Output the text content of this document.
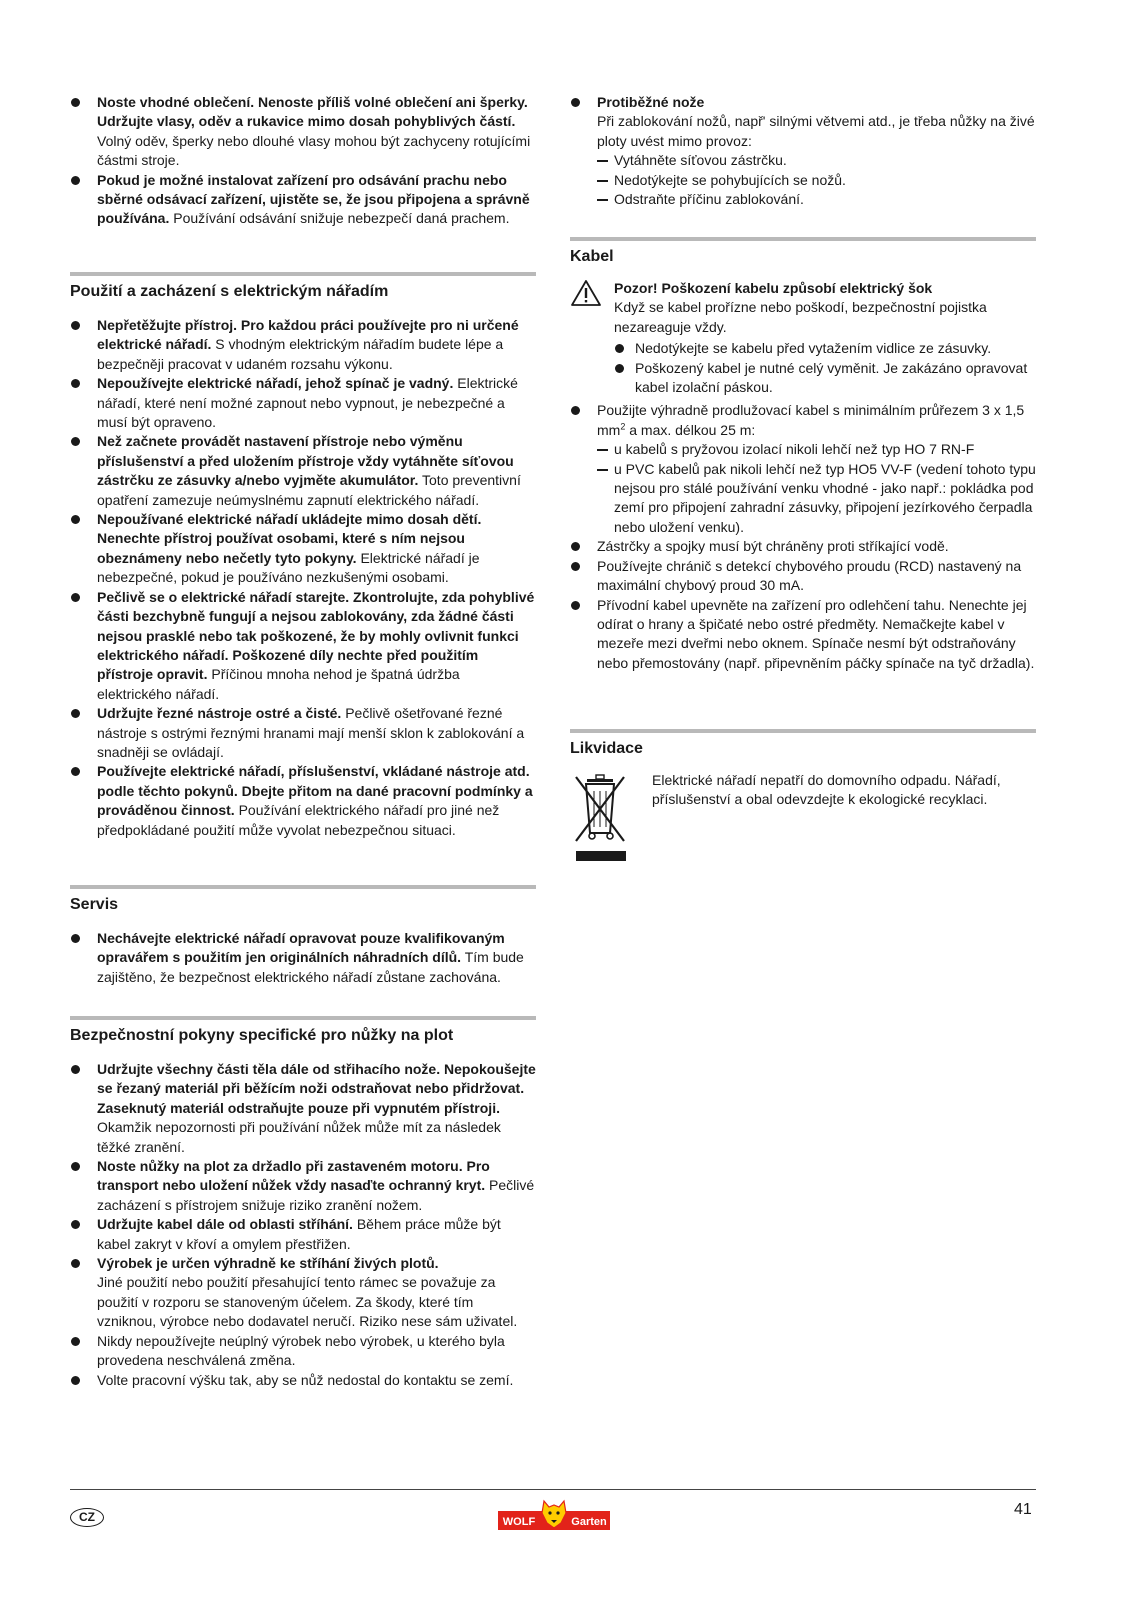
Noste vhodné oblečení. Nenoste příliš volné oblečení ani šperky. Udržujte vlasy, oděv a rukavice mimo dosah pohyblivých částí. Volný oděv, šperky nebo dlouhé vlasy mohou být zachyceny rotujícími částmi stroje.
Pokud je možné instalovat zařízení pro odsávání prachu nebo sběrné odsávací zařízení, ujistěte se, že jsou připojena a správně používána. Používání odsávání snižuje nebezpečí daná prachem.
Použití a zacházení s elektrickým nářadím
Nepřetěžujte přístroj. Pro každou práci používejte pro ni určené elektrické nářadí. S vhodným elektrickým nářadím budete lépe a bezpečněji pracovat v udaném rozsahu výkonu.
Nepoužívejte elektrické nářadí, jehož spínač je vadný. Elektrické nářadí, které není možné zapnout nebo vypnout, je nebezpečné a musí být opraveno.
Než začnete provádět nastavení přístroje nebo výměnu příslušenství a před uložením přístroje vždy vytáhněte síťovou zástrčku ze zásuvky a/nebo vyjměte akumulátor. Toto preventivní opatření zamezuje neúmyslnému zapnutí elektrického nářadí.
Nepoužívané elektrické nářadí ukládejte mimo dosah dětí. Nenechte přístroj používat osobami, které s ním nejsou obeznámeny nebo nečetly tyto pokyny. Elektrické nářadí je nebezpečné, pokud je používáno nezkušenými osobami.
Pečlivě se o elektrické nářadí starejte. Zkontrolujte, zda pohyblivé části bezchybně fungují a nejsou zablokovány, zda žádné části nejsou prasklé nebo tak poškozené, že by mohly ovlivnit funkci elektrického nářadí. Poškozené díly nechte před použitím přístroje opravit. Příčinou mnoha nehod je špatná údržba elektrického nářadí.
Udržujte řezné nástroje ostré a čisté. Pečlivě ošetřované řezné nástroje s ostrými řeznými hranami mají menší sklon k zablokování a snadněji se ovládají.
Používejte elektrické nářadí, příslušenství, vkládané nástroje atd. podle těchto pokynů. Dbejte přitom na dané pracovní podmínky a prováděnou činnost. Používání elektrického nářadí pro jiné než předpokládané použití může vyvolat nebezpečnou situaci.
Servis
Nechávejte elektrické nářadí opravovat pouze kvalifikovaným opravářem s použitím jen originálních náhradních dílů. Tím bude zajištěno, že bezpečnost elektrického nářadí zůstane zachována.
Bezpečnostní pokyny specifické pro nůžky na plot
Udržujte všechny části těla dále od střihacího nože. Nepokoušejte se řezaný materiál při běžícím noži odstraňovat nebo přidržovat. Zaseknutý materiál odstraňujte pouze při vypnutém přístroji. Okamžik nepozornosti při používání nůžek může mít za následek těžké zranění.
Noste nůžky na plot za držadlo při zastaveném motoru. Pro transport nebo uložení nůžek vždy nasaďte ochranný kryt. Pečlivé zacházení s přístrojem snižuje riziko zranění nožem.
Udržujte kabel dále od oblasti stříhání. Během práce může být kabel zakryt v křoví a omylem přestřižen.
Výrobek je určen výhradně ke stříhání živých plotů.
Jiné použití nebo použití přesahující tento rámec se považuje za použití v rozporu se stanoveným účelem. Za škody, které tím vzniknou, výrobce nebo dodavatel neručí. Riziko nese sám uživatel.
Nikdy nepoužívejte neúplný výrobek nebo výrobek, u kterého byla provedena neschválená změna.
Volte pracovní výšku tak, aby se nůž nedostal do kontaktu se zemí.
Protiběžné nože
Při zablokování nožů, např' silnými větvemi atd., je třeba nůžky na živé ploty uvést mimo provoz:
Vytáhněte síťovou zástrčku.
Nedotýkejte se pohybujících se nožů.
Odstraňte příčinu zablokování.
Kabel
Pozor! Poškození kabelu způsobí elektrický šok
Když se kabel prořízne nebo poškodí, bezpečnostní pojistka nezareaguje vždy.
Nedotýkejte se kabelu před vytažením vidlice ze zásuvky.
Poškozený kabel je nutné celý vyměnit. Je zakázáno opravovat kabel izolační páskou.
Použijte výhradně prodlužovací kabel s minimálním průřezem 3 x 1,5 $mm^2$ a max. délkou 25 m:
u kabelů s pryžovou izolací nikoli lehčí než typ HO 7 RN-F
u PVC kabelů pak nikoli lehčí než typ HO5 VV-F (vedení tohoto typu nejsou pro stálé používání venku vhodné - jako např.: pokládka pod zemí pro připojení zahradní zásuvky, připojení jezírkového čerpadla nebo uložení venku).
Zástrčky a spojky musí být chráněny proti stříkající vodě.
Používejte chránič s detekcí chybového proudu (RCD) nastavený na maximální chybový proud 30 mA.
Přívodní kabel upevněte na zařízení pro odlehčení tahu. Nenechte jej odírat o hrany a špičaté nebo ostré předměty. Nemačkejte kabel v mezeře mezi dveřmi nebo oknem. Spínače nesmí být odstraňovány nebo přemostovány (např. připevněním páčky spínače na tyč držadla).
Likvidace
Elektrické nářadí nepatří do domovního odpadu. Nářadí, příslušenství a obal odevzdejte k ekologické recyklaci.
CZ	WOLF	Garten
41
